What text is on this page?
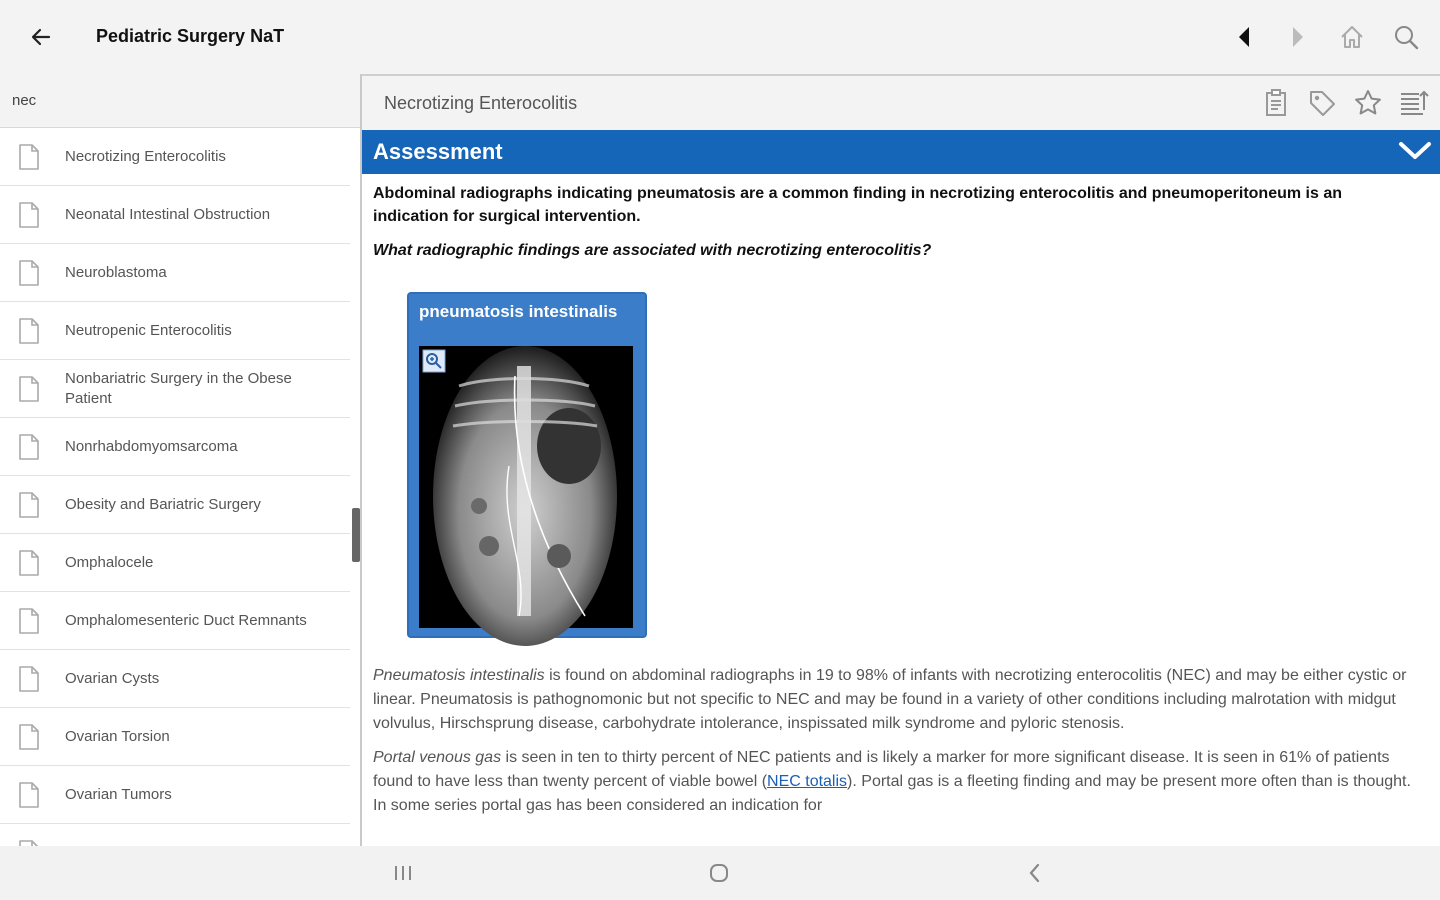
Pediatric Surgery NaT
nec
Necrotizing Enterocolitis
Neonatal Intestinal Obstruction
Neuroblastoma
Neutropenic Enterocolitis
Nonbariatric Surgery in the Obese Patient
Nonrhabdomyomsarcoma
Obesity and Bariatric Surgery
Omphalocele
Omphalomesenteric Duct Remnants
Ovarian Cysts
Ovarian Torsion
Ovarian Tumors
Necrotizing Enterocolitis
Assessment
Abdominal radiographs indicating pneumatosis are a common finding in necrotizing enterocolitis and pneumoperitoneum is an indication for surgical intervention.
What radiographic findings are associated with necrotizing enterocolitis?
pneumatosis intestinalis

Pneumatosis intestinalis is found on abdominal radiographs in 19 to 98% of infants with necrotizing enterocolitis (NEC) and may be either cystic or linear. Pneumatosis is pathognomonic but not specific to NEC and may be found in a variety of other conditions including malrotation with midgut volvulus, Hirschsprung disease, carbohydrate intolerance, inspissated milk syndrome and pyloric stenosis.

Portal venous gas is seen in ten to thirty percent of NEC patients and is likely a marker for more significant disease. It is seen in 61% of patients found to have less than twenty percent of viable bowel (NEC totalis). Portal gas is a fleeting finding and may be present more often than is thought. In some series portal gas has been considered an indication for
